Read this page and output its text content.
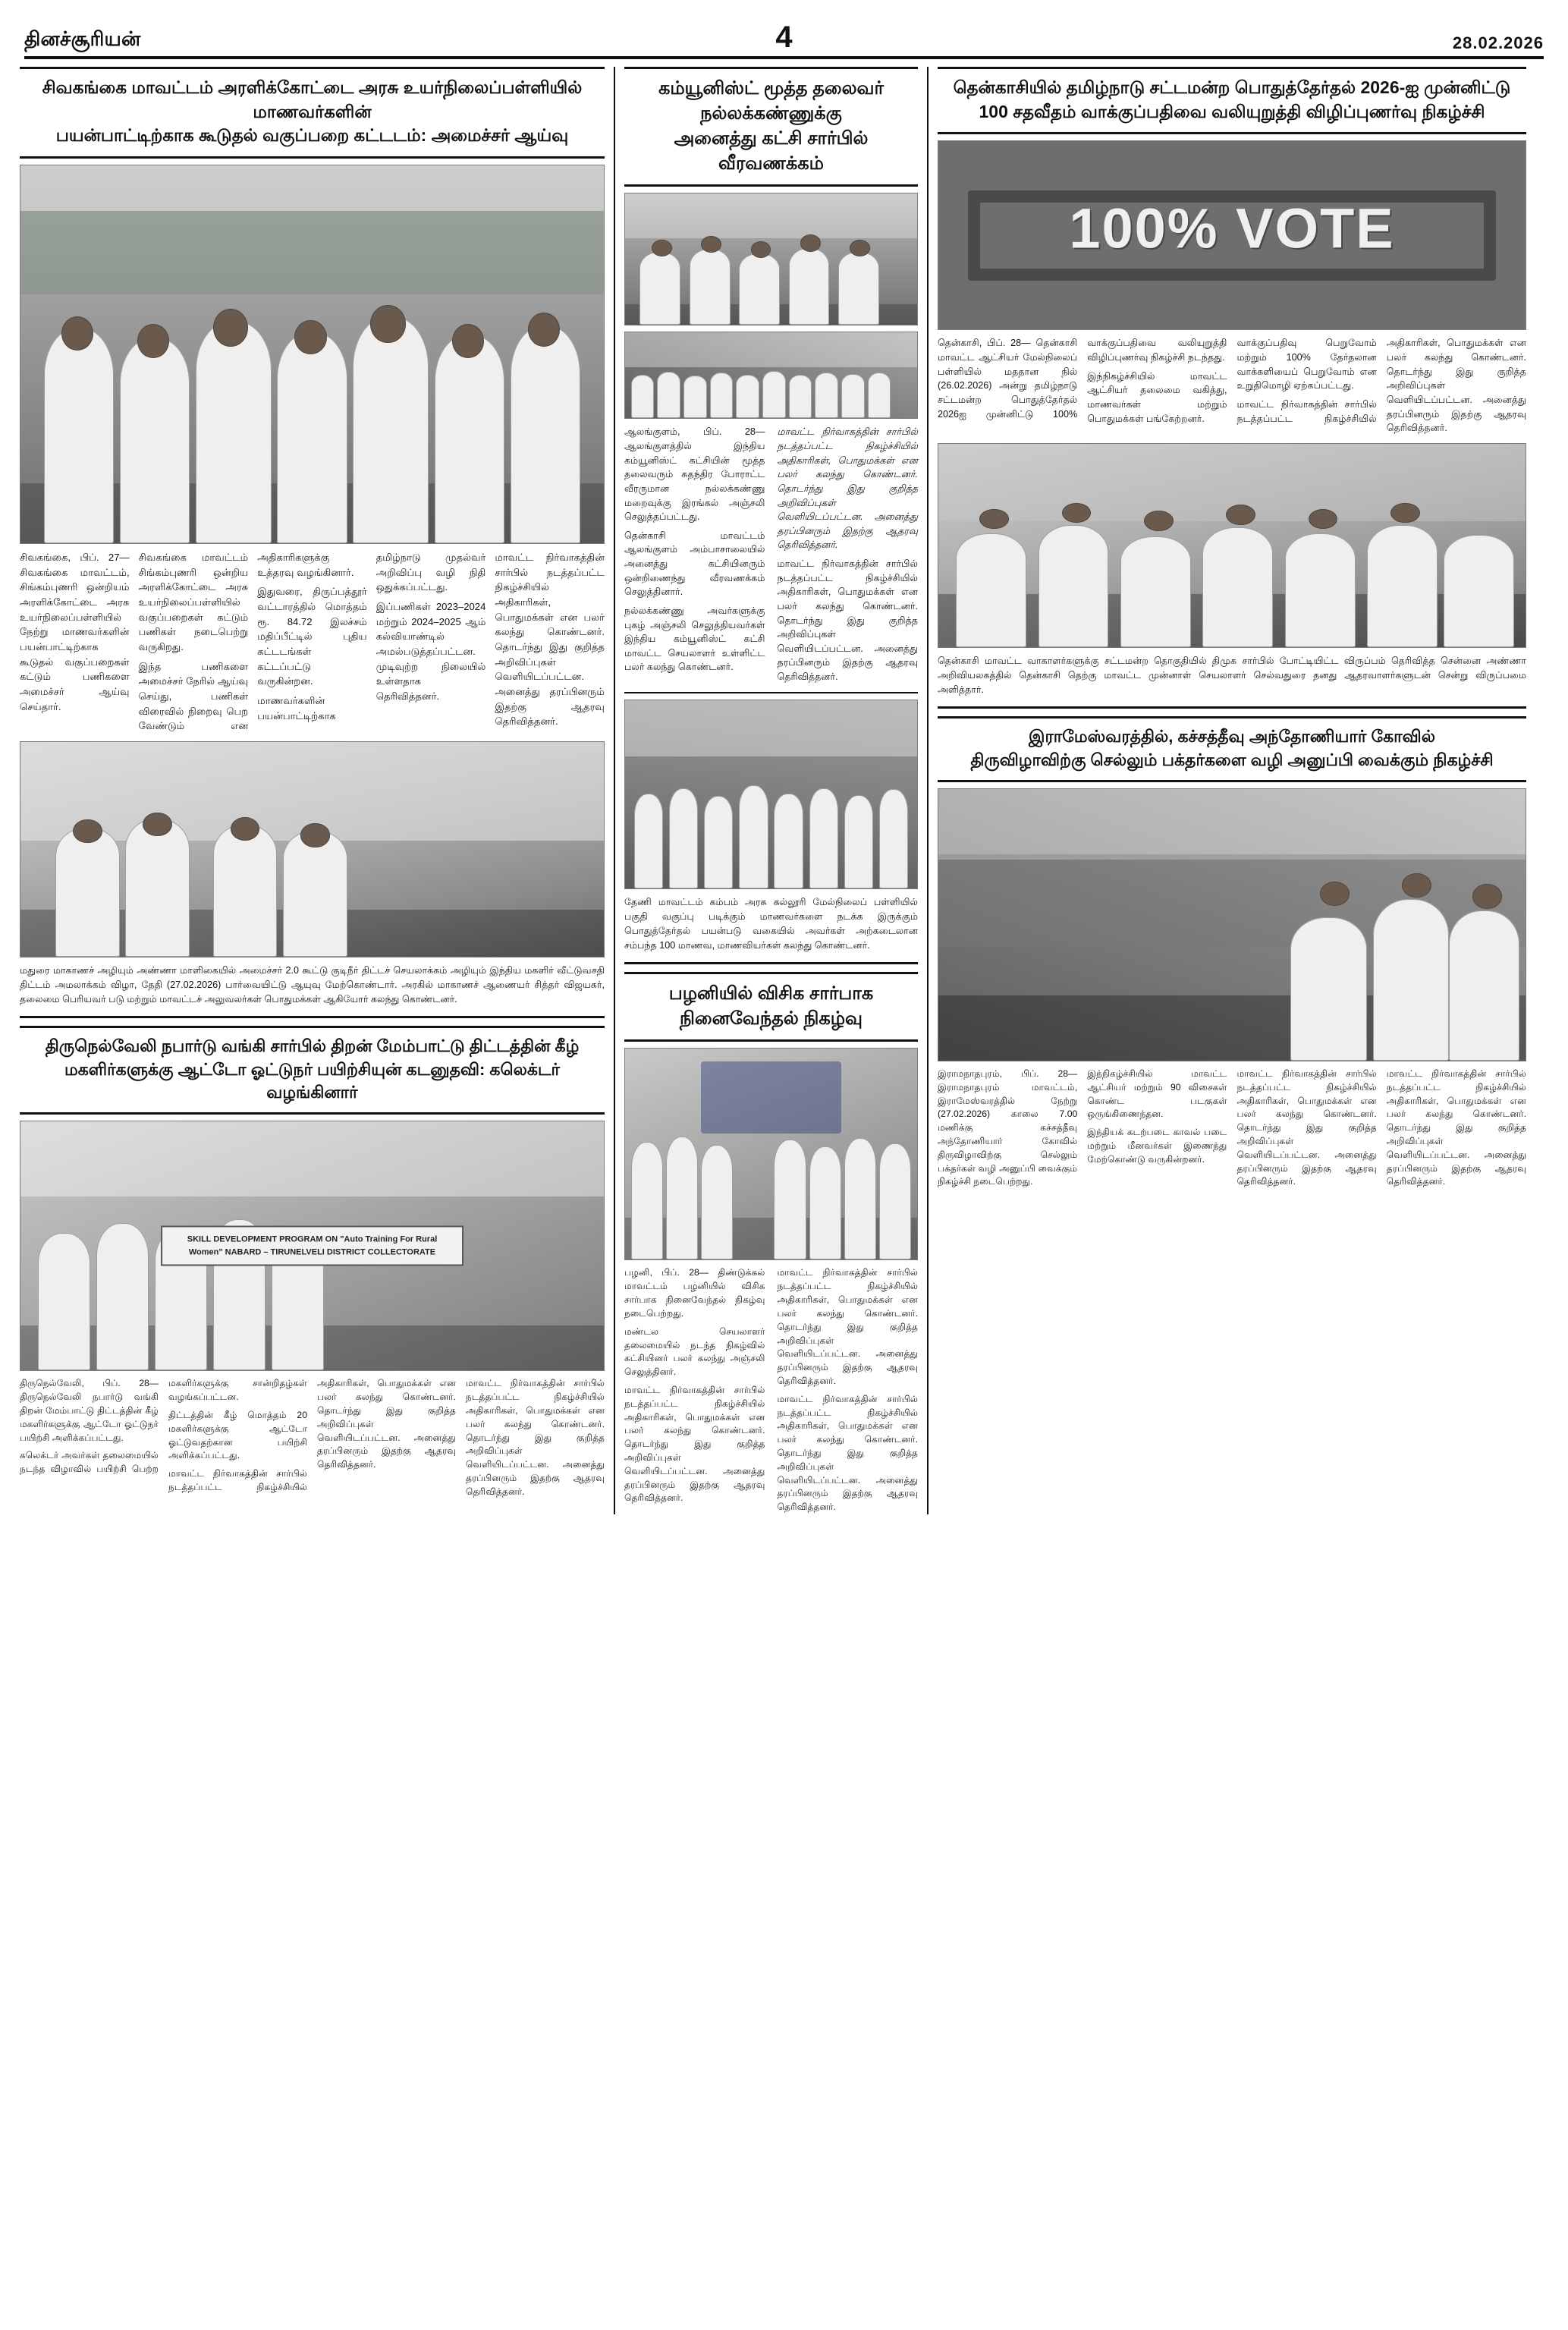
தினச்சூரியன்	4	28.02.2026
சிவகங்கை மாவட்டம் அரளிக்கோட்டை அரசு உயர்நிலைப்பள்ளியில் மாணவர்களின்
பயன்பாட்டிற்காக கூடுதல் வகுப்பறை கட்டடம்: அமைச்சர் ஆய்வு

சிவகங்கை, பிப். 27— சிவகங்கை மாவட்டம், சிங்கம்புணரி ஒன்றியம் அரளிக்கோட்டை அரசு உயர்நிலைப்பள்ளியில் நேற்று மாணவர்களின் பயன்பாட்டிற்காக கூடுதல் வகுப்பறைகள் கட்டும் பணிகளை அமைச்சர் ஆய்வு செய்தார்.

சிவகங்கை மாவட்டம் சிங்கம்புணரி ஒன்றிய அரளிக்கோட்டை அரசு உயர்நிலைப்பள்ளியில் வகுப்பறைகள் கட்டும் பணிகள் நடைபெற்று வருகிறது.

இந்த பணிகளை அமைச்சர் நேரில் ஆய்வு செய்து, பணிகள் விரைவில் நிறைவு பெற வேண்டும் என அதிகாரிகளுக்கு உத்தரவு வழங்கினார்.

இதுவரை, திருப்பத்தூர் வட்டாரத்தில் மொத்தம் ரூ. 84.72 இலச்சம் மதிப்பீட்டில் புதிய கட்டடங்கள் கட்டப்பட்டு வருகின்றன.

மாணவர்களின் பயன்பாட்டிற்காக தமிழ்நாடு முதல்வர் அறிவிப்பு வழி நிதி ஒதுக்கப்பட்டது.

இப்பணிகள் 2023–2024 மற்றும் 2024–2025 ஆம் கல்வியாண்டில் அமல்படுத்தப்பட்டன. முடிவுற்ற நிலையில் உள்ளதாக தெரிவித்தனர்.

மாவட்ட நிர்வாகத்தின் சார்பில் நடத்தப்பட்ட நிகழ்ச்சியில் அதிகாரிகள், பொதுமக்கள் என பலர் கலந்து கொண்டனர். தொடர்ந்து இது குறித்த அறிவிப்புகள் வெளியிடப்பட்டன. அனைத்து தரப்பினரும் இதற்கு ஆதரவு தெரிவித்தனர்.

மதுரை மாகாணச் அழியும் அண்ணா மாளிகையில் அமைச்சர் 2.0 கூட்டு குடிநீர் திட்டச் செயலாக்கம் அழியும் இந்திய மகளிர் வீட்டுவசதி திட்டம் அமலாக்கம் விழா, தேதி (27.02.2026) பார்வையிட்டு ஆயுவு மேற்கொண்டார். அரகில் மாகாணச் ஆணையர் சித்தர் விஜயகர், தலைமை பெரியவர் படு மற்றும் மாவட்டச் அலுவலர்கள் பொதுமக்கள் ஆகியோர் கலந்து கொண்டனர்.
திருநெல்வேலி நபார்டு வங்கி சார்பில் திறன் மேம்பாட்டு திட்டத்தின் கீழ்
மகளிர்களுக்கு ஆட்டோ ஓட்டுநர் பயிற்சியுன் கடனுதவி: கலெக்டர் வழங்கினார்
SKILL DEVELOPMENT PROGRAM ON "Auto Training For Rural Women" NABARD – TIRUNELVELI DISTRICT COLLECTORATE

திருநெல்வேலி, பிப். 28— திருநெல்வேலி நபார்டு வங்கி திறன் மேம்பாட்டு திட்டத்தின் கீழ் மகளிர்களுக்கு ஆட்டோ ஓட்டுநர் பயிற்சி அளிக்கப்பட்டது.

கலெக்டர் அவர்கள் தலைமையில் நடந்த விழாவில் பயிற்சி பெற்ற மகளிர்களுக்கு சான்றிதழ்கள் வழங்கப்பட்டன.

திட்டத்தின் கீழ் மொத்தம் 20 மகளிர்களுக்கு ஆட்டோ ஓட்டுவதற்கான பயிற்சி அளிக்கப்பட்டது.

மாவட்ட நிர்வாகத்தின் சார்பில் நடத்தப்பட்ட நிகழ்ச்சியில் அதிகாரிகள், பொதுமக்கள் என பலர் கலந்து கொண்டனர். தொடர்ந்து இது குறித்த அறிவிப்புகள் வெளியிடப்பட்டன. அனைத்து தரப்பினரும் இதற்கு ஆதரவு தெரிவித்தனர்.

மாவட்ட நிர்வாகத்தின் சார்பில் நடத்தப்பட்ட நிகழ்ச்சியில் அதிகாரிகள், பொதுமக்கள் என பலர் கலந்து கொண்டனர். தொடர்ந்து இது குறித்த அறிவிப்புகள் வெளியிடப்பட்டன. அனைத்து தரப்பினரும் இதற்கு ஆதரவு தெரிவித்தனர்.

கம்யூனிஸ்ட் மூத்த தலைவர் நல்லக்கண்ணுக்கு
அனைத்து கட்சி சார்பில் வீரவணக்கம்

ஆலங்குளம், பிப். 28— ஆலங்குளத்தில் இந்திய கம்யூனிஸ்ட் கட்சியின் மூத்த தலைவரும் சுதந்திர போராட்ட வீரருமான நல்லக்கண்ணு மறைவுக்கு இரங்கல் அஞ்சலி செலுத்தப்பட்டது.

தென்காசி மாவட்டம் ஆலங்குளம் அம்பாசாலையில் அனைத்து கட்சியினரும் ஒன்றிணைந்து வீரவணக்கம் செலுத்தினார்.

நல்லக்கண்ணு அவர்களுக்கு புகழ் அஞ்சலி செலுத்தியவர்கள் இந்திய கம்யூனிஸ்ட் கட்சி மாவட்ட செயலாளர் உள்ளிட்ட பலர் கலந்து கொண்டனர்.

மாவட்ட நிர்வாகத்தின் சார்பில் நடத்தப்பட்ட நிகழ்ச்சியில் அதிகாரிகள், பொதுமக்கள் என பலர் கலந்து கொண்டனர். தொடர்ந்து இது குறித்த அறிவிப்புகள் வெளியிடப்பட்டன. அனைத்து தரப்பினரும் இதற்கு ஆதரவு தெரிவித்தனர்.

மாவட்ட நிர்வாகத்தின் சார்பில் நடத்தப்பட்ட நிகழ்ச்சியில் அதிகாரிகள், பொதுமக்கள் என பலர் கலந்து கொண்டனர். தொடர்ந்து இது குறித்த அறிவிப்புகள் வெளியிடப்பட்டன. அனைத்து தரப்பினரும் இதற்கு ஆதரவு தெரிவித்தனர்.

தேணி மாவட்டம் கம்பம் அரசு கல்லூரி மேல்நிலைப் பள்ளியில் பகுதி வகுப்பு படிக்கும் மாணவர்களை நடக்க இருக்கும் பொதுத்தேர்தல் பயன்படு வகையில் அவர்கள் அற்கடைலான சம்பந்த 100 மாணவ, மாணவியர்கள் கலந்து கொண்டனர்.
பழனியில் விசிக சார்பாக
நினைவேந்தல் நிகழ்வு

பழனி, பிப். 28— திண்டுக்கல் மாவட்டம் பழனியில் விசிக சார்பாக நினைவேந்தல் நிகழ்வு நடைபெற்றது.

மண்டல செயலாளர் தலைமையில் நடந்த நிகழ்வில் கட்சியினர் பலர் கலந்து அஞ்சலி செலுத்தினர்.

மாவட்ட நிர்வாகத்தின் சார்பில் நடத்தப்பட்ட நிகழ்ச்சியில் அதிகாரிகள், பொதுமக்கள் என பலர் கலந்து கொண்டனர். தொடர்ந்து இது குறித்த அறிவிப்புகள் வெளியிடப்பட்டன. அனைத்து தரப்பினரும் இதற்கு ஆதரவு தெரிவித்தனர்.

மாவட்ட நிர்வாகத்தின் சார்பில் நடத்தப்பட்ட நிகழ்ச்சியில் அதிகாரிகள், பொதுமக்கள் என பலர் கலந்து கொண்டனர். தொடர்ந்து இது குறித்த அறிவிப்புகள் வெளியிடப்பட்டன. அனைத்து தரப்பினரும் இதற்கு ஆதரவு தெரிவித்தனர்.

மாவட்ட நிர்வாகத்தின் சார்பில் நடத்தப்பட்ட நிகழ்ச்சியில் அதிகாரிகள், பொதுமக்கள் என பலர் கலந்து கொண்டனர். தொடர்ந்து இது குறித்த அறிவிப்புகள் வெளியிடப்பட்டன. அனைத்து தரப்பினரும் இதற்கு ஆதரவு தெரிவித்தனர்.

தென்காசியில் தமிழ்நாடு சட்டமன்ற பொதுத்தேர்தல் 2026-ஐ முன்னிட்டு
100 சதவீதம் வாக்குப்பதிவை வலியுறுத்தி விழிப்புணர்வு நிகழ்ச்சி
100% VOTE

தென்காசி, பிப். 28— தென்காசி மாவட்ட ஆட்சியர் மேல்நிலைப் பள்ளியில் மததான நில் (26.02.2026) அன்று தமிழ்நாடு சட்டமன்ற பொதுத்தேர்தல் 2026ஐ முன்னிட்டு 100% வாக்குப்பதிவை வலியுறுத்தி விழிப்புணர்வு நிகழ்ச்சி நடந்தது.

இந்நிகழ்ச்சியில் மாவட்ட ஆட்சியர் தலைமை வகித்து, மாணவர்கள் மற்றும் பொதுமக்கள் பங்கேற்றனர்.

வாக்குப்பதிவு பெறுவோம் மற்றும் 100% தேர்தலான வாக்களியைப் பெறுவோம் என உறுதிமொழி ஏற்கப்பட்டது.

மாவட்ட நிர்வாகத்தின் சார்பில் நடத்தப்பட்ட நிகழ்ச்சியில் அதிகாரிகள், பொதுமக்கள் என பலர் கலந்து கொண்டனர். தொடர்ந்து இது குறித்த அறிவிப்புகள் வெளியிடப்பட்டன. அனைத்து தரப்பினரும் இதற்கு ஆதரவு தெரிவித்தனர்.

தென்காசி மாவட்ட வாகாளர்களுக்கு சட்டமன்ற தொகுதியில் திமுக சார்பில் போட்டியிட்ட விருப்பம் தெரிவித்த சென்னை அண்ணா அறிவியலகத்தில் தென்காசி தெற்கு மாவட்ட முன்னாள் செயலாளர் செல்வதுரை தனது ஆதரவாளர்களுடன் சென்று விருப்பமை அளித்தார்.
இராமேஸ்வரத்தில், கச்சத்தீவு அந்தோணியார் கோவில்
திருவிழாவிற்கு செல்லும் பக்தர்களை வழி அனுப்பி வைக்கும் நிகழ்ச்சி

இராமநாதபுரம், பிப். 28— இராமநாதபுரம் மாவட்டம், இராமேஸ்வரத்தில் நேற்று (27.02.2026) காலை 7.00 மணிக்கு கச்சத்தீவு அந்தோணியார் கோவில் திருவிழாவிற்கு செல்லும் பக்தர்கள் வழி அனுப்பி வைக்கும் நிகழ்ச்சி நடைபெற்றது.

இந்நிகழ்ச்சியில் மாவட்ட ஆட்சியர் மற்றும் 90 விசைகள் கொண்ட படகுகள் ஒருங்கிணைந்தன.

இந்தியக் கடற்படை காவல் படை மற்றும் மீனவர்கள் இணைந்து மேற்கொண்டு வருகின்றனர்.

மாவட்ட நிர்வாகத்தின் சார்பில் நடத்தப்பட்ட நிகழ்ச்சியில் அதிகாரிகள், பொதுமக்கள் என பலர் கலந்து கொண்டனர். தொடர்ந்து இது குறித்த அறிவிப்புகள் வெளியிடப்பட்டன. அனைத்து தரப்பினரும் இதற்கு ஆதரவு தெரிவித்தனர்.

மாவட்ட நிர்வாகத்தின் சார்பில் நடத்தப்பட்ட நிகழ்ச்சியில் அதிகாரிகள், பொதுமக்கள் என பலர் கலந்து கொண்டனர். தொடர்ந்து இது குறித்த அறிவிப்புகள் வெளியிடப்பட்டன. அனைத்து தரப்பினரும் இதற்கு ஆதரவு தெரிவித்தனர்.
